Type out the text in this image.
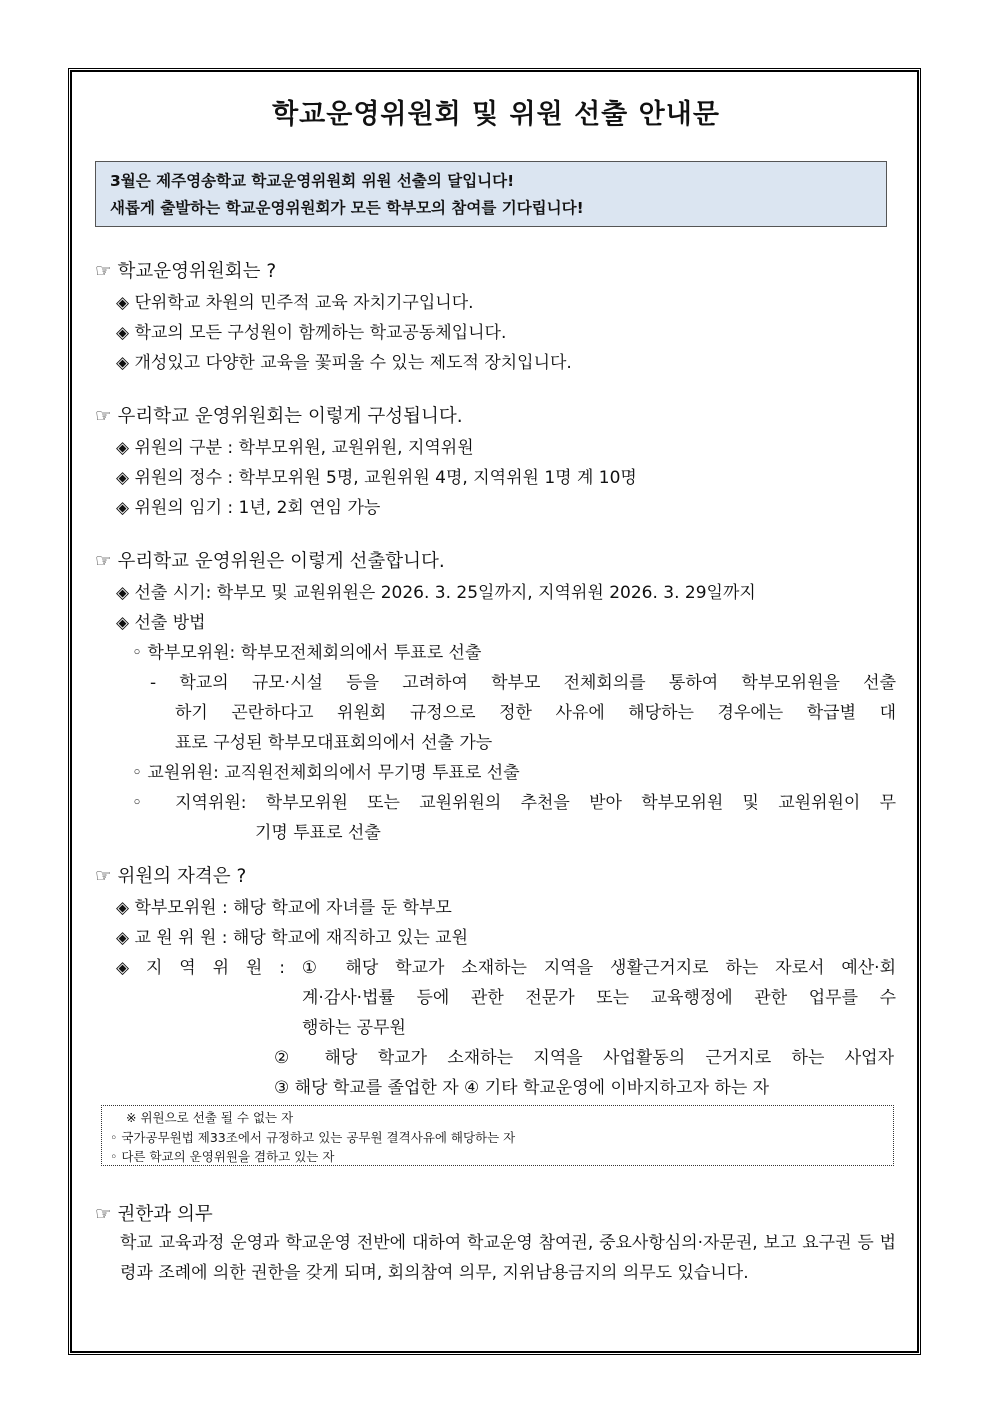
학교운영위원회 및 위원 선출 안내문
3월은 제주영송학교 학교운영위원회 위원 선출의 달입니다!
새롭게 출발하는 학교운영위원회가 모든 학부모의 참여를 기다립니다!
☞ 학교운영위원회는 ?
◈ 단위학교 차원의 민주적 교육 자치기구입니다.
◈ 학교의 모든 구성원이 함께하는 학교공동체입니다.
◈ 개성있고 다양한 교육을 꽃피울 수 있는 제도적 장치입니다.
☞ 우리학교 운영위원회는 이렇게 구성됩니다.
◈ 위원의 구분 : 학부모위원, 교원위원, 지역위원
◈ 위원의 정수 : 학부모위원 5명, 교원위원 4명, 지역위원 1명 계 10명
◈ 위원의 임기 : 1년, 2회 연임 가능
☞ 우리학교 운영위원은 이렇게 선출합니다.
◈ 선출 시기: 학부모 및 교원위원은 2026. 3. 25일까지, 지역위원 2026. 3. 29일까지
◈ 선출 방법
◦ 학부모위원: 학부모전체회의에서 투표로 선출
- 학교의 규모·시설 등을 고려하여 학부모 전체회의를 통하여 학부모위원을 선출
하기 곤란하다고 위원회 규정으로 정한 사유에 해당하는 경우에는 학급별 대
표로 구성된 학부모대표회의에서 선출 가능
◦ 교원위원: 교직원전체회의에서 무기명 투표로 선출
◦ 지역위원: 학부모위원 또는 교원위원의 추천을 받아 학부모위원 및 교원위원이 무
기명 투표로 선출
☞ 위원의 자격은 ?
◈ 학부모위원 : 해당 학교에 자녀를 둔 학부모
◈ 교 원 위 원 : 해당 학교에 재직하고 있는 교원
◈ 지 역 위 원 : ① 해당 학교가 소재하는 지역을 생활근거지로 하는 자로서 예산·회
계·감사·법률 등에 관한 전문가 또는 교육행정에 관한 업무를 수
행하는 공무원
② 해당 학교가 소재하는 지역을 사업활동의 근거지로 하는 사업자
③ 해당 학교를 졸업한 자 ④ 기타 학교운영에 이바지하고자 하는 자
※ 위원으로 선출 될 수 없는 자
◦ 국가공무원법 제33조에서 규정하고 있는 공무원 결격사유에 해당하는 자
◦ 다른 학교의 운영위원을 겸하고 있는 자
☞ 권한과 의무
학교 교육과정 운영과 학교운영 전반에 대하여 학교운영 참여권, 중요사항심의·자문권, 보고 요구권 등 법령과 조례에 의한 권한을 갖게 되며, 회의참여 의무, 지위남용금지의 의무도 있습니다.
